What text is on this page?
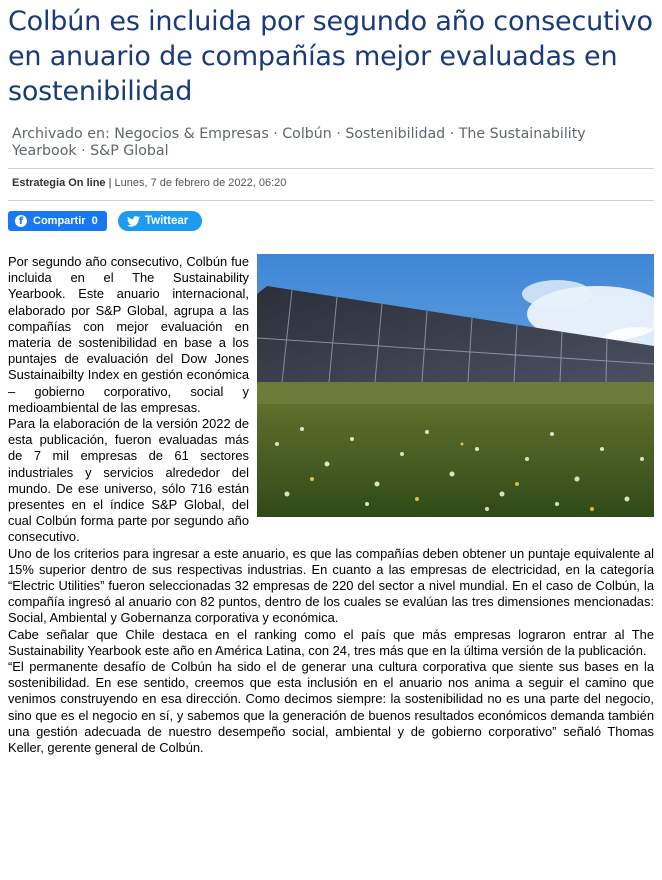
Colbún es incluida por segundo año consecutivo en anuario de compañías mejor evaluadas en sostenibilidad
Archivado en: Negocios & Empresas · Colbún · Sostenibilidad · The Sustainability Yearbook · S&P Global
Estrategia On line | Lunes, 7 de febrero de 2022, 06:20
f Compartir 0	Twittear

Por segundo año consecutivo, Colbún fue incluida en el The Sustainability Yearbook. Este anuario internacional, elaborado por S&P Global, agrupa a las compañías con mejor evaluación en materia de sostenibilidad en base a los puntajes de evaluación del Dow Jones Sustainaibilty Index en gestión económica – gobierno corporativo, social y medioambiental de las empresas.

Para la elaboración de la versión 2022 de esta publicación, fueron evaluadas más de 7 mil empresas de 61 sectores industriales y servicios alrededor del mundo. De ese universo, sólo 716 están presentes en el índice S&P Global, del cual Colbún forma parte por segundo año consecutivo.

Uno de los criterios para ingresar a este anuario, es que las compañías deben obtener un puntaje equivalente al 15% superior dentro de sus respectivas industrias. En cuanto a las empresas de electricidad, en la categoría “Electric Utilities” fueron seleccionadas 32 empresas de 220 del sector a nivel mundial. En el caso de Colbún, la compañía ingresó al anuario con 82 puntos, dentro de los cuales se evalúan las tres dimensiones mencionadas: Social, Ambiental y Gobernanza corporativa y económica.

Cabe señalar que Chile destaca en el ranking como el país que más empresas lograron entrar al The Sustainability Yearbook este año en América Latina, con 24, tres más que en la última versión de la publicación.

“El permanente desafío de Colbún ha sido el de generar una cultura corporativa que siente sus bases en la sostenibilidad. En ese sentido, creemos que esta inclusión en el anuario nos anima a seguir el camino que venimos construyendo en esa dirección. Como decimos siempre: la sostenibilidad no es una parte del negocio, sino que es el negocio en sí, y sabemos que la generación de buenos resultados económicos demanda también una gestión adecuada de nuestro desempeño social, ambiental y de gobierno corporativo” señaló Thomas Keller, gerente general de Colbún.
